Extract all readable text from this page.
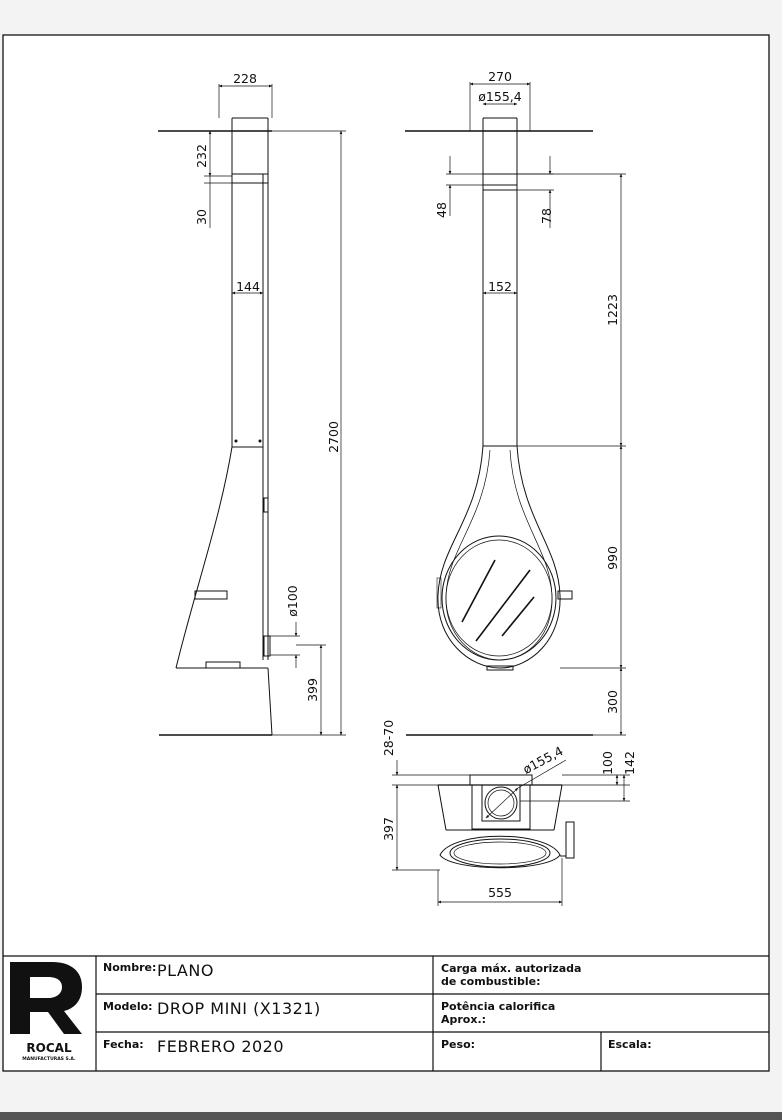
228
232
30
144
2700
ø100
399
270
ø155,4
48	78
152
1223
990
300
28-70
ø155,4	100 142
397
555
ROCAL
MANUFACTURAS S.A.
Nombre: PLANO
Modelo: DROP MINI (X1321)
Fecha: FEBRERO 2020
Carga máx. autorizada
de combustible:
Potência calorifica
Aprox.:
Peso:	Escala:
